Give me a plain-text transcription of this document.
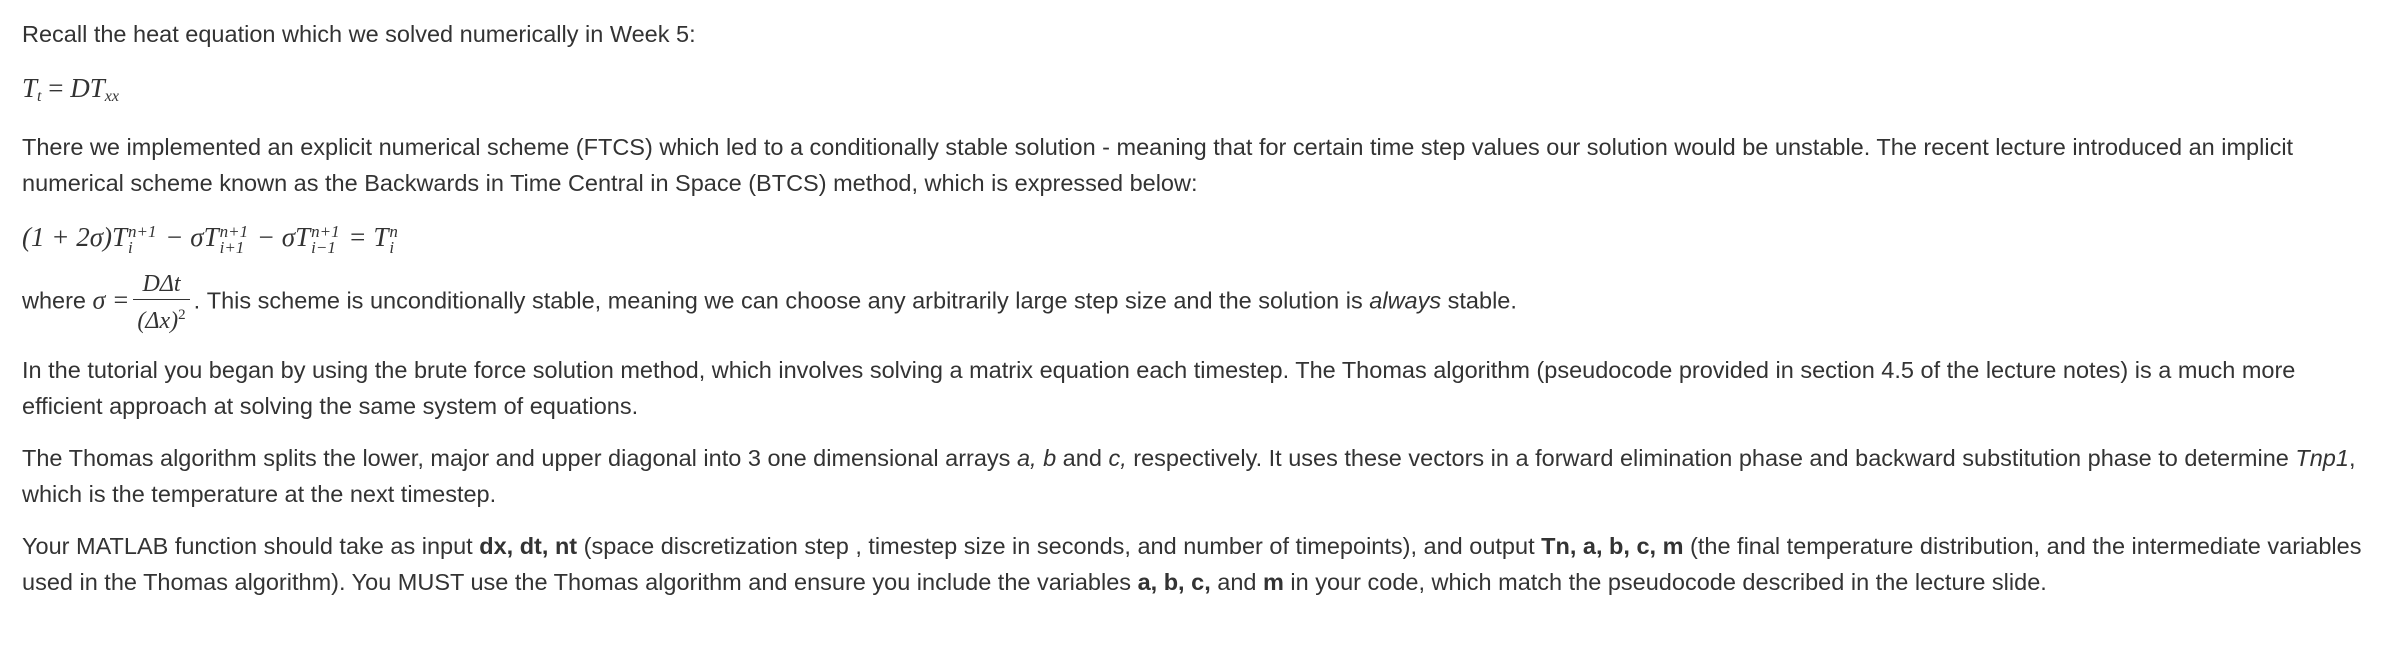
Recall the heat equation which we solved numerically in Week 5:

$T_t = DT_{xx}$

There we implemented an explicit numerical scheme (FTCS) which led to a conditionally stable solution - meaning that for certain time step values our solution would be unstable. The recent lecture introduced an implicit numerical scheme known as the Backwards in Time Central in Space (BTCS) method, which is expressed below:

(1 + 2σ)T n+1
i − σT n+1
i+1 − σT n+1
i−1 = T n
i
where $\sigma = \frac{\text{DΔt}}{(\Delta x)^2}$ . This scheme is unconditionally stable, meaning we can choose any arbitrarily large step size and the solution is always stable.

In the tutorial you began by using the brute force solution method, which involves solving a matrix equation each timestep. The Thomas algorithm (pseudocode provided in section 4.5 of the lecture notes) is a much more efficient approach at solving the same system of equations.

The Thomas algorithm splits the lower, major and upper diagonal into 3 one dimensional arrays a, b and c, respectively. It uses these vectors in a forward elimination phase and backward substitution phase to determine Tnp1, which is the temperature at the next timestep.

Your MATLAB function should take as input dx, dt, nt (space discretization step , timestep size in seconds, and number of timepoints), and output Tn, a, b, c, m (the final temperature distribution, and the intermediate variables used in the Thomas algorithm). You MUST use the Thomas algorithm and ensure you include the variables a, b, c, and m in your code, which match the pseudocode described in the lecture slide.
